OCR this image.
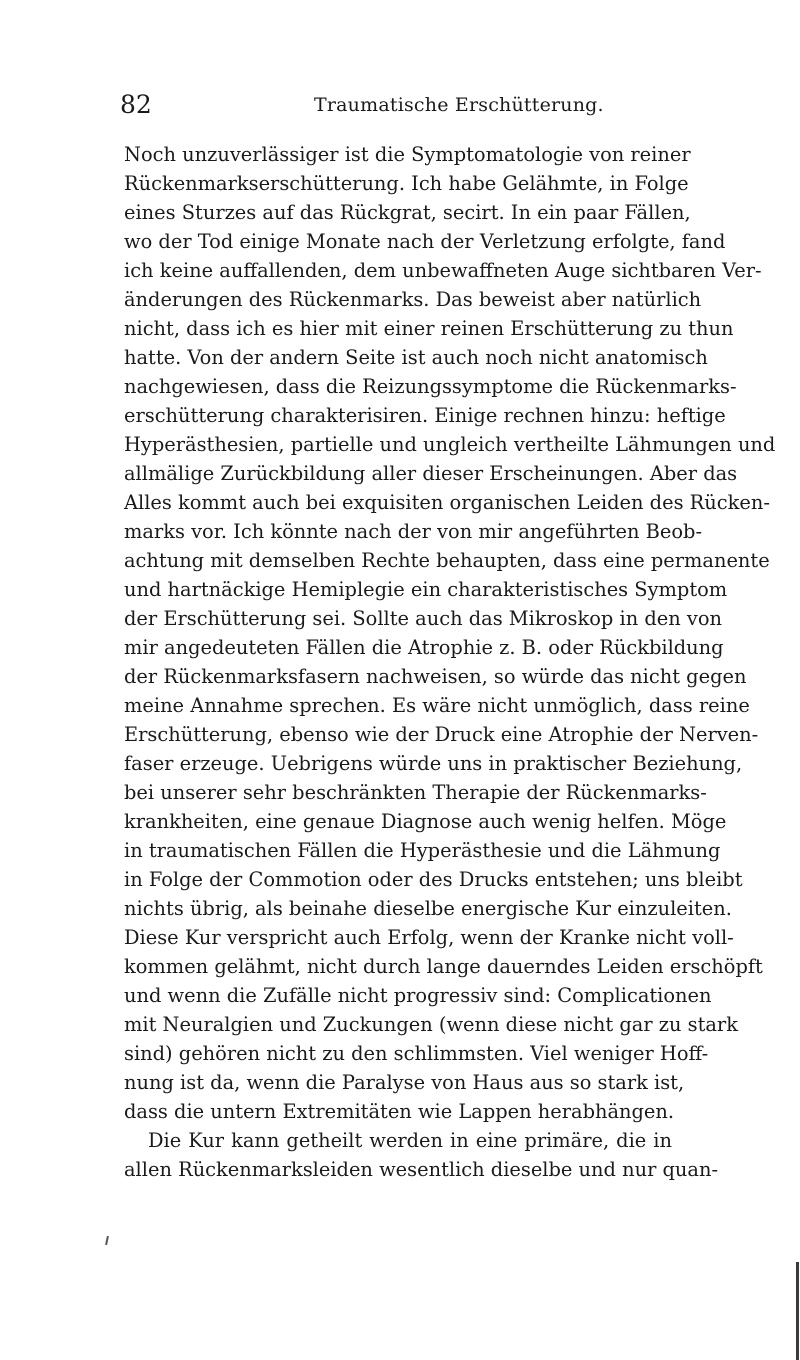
82	Traumatische Erschütterung.
Noch unzuverlässiger ist die Symptomatologie von reiner
Rückenmarkserschütterung. Ich habe Gelähmte, in Folge
eines Sturzes auf das Rückgrat, secirt. In ein paar Fällen,
wo der Tod einige Monate nach der Verletzung erfolgte, fand
ich keine auffallenden, dem unbewaffneten Auge sichtbaren Ver-
änderungen des Rückenmarks. Das beweist aber natürlich
nicht, dass ich es hier mit einer reinen Erschütterung zu thun
hatte. Von der andern Seite ist auch noch nicht anatomisch
nachgewiesen, dass die Reizungssymptome die Rückenmarks-
erschütterung charakterisiren. Einige rechnen hinzu: heftige
Hyperästhesien, partielle und ungleich vertheilte Lähmungen und
allmälige Zurückbildung aller dieser Erscheinungen. Aber das
Alles kommt auch bei exquisiten organischen Leiden des Rücken-
marks vor. Ich könnte nach der von mir angeführten Beob-
achtung mit demselben Rechte behaupten, dass eine permanente
und hartnäckige Hemiplegie ein charakteristisches Symptom
der Erschütterung sei. Sollte auch das Mikroskop in den von
mir angedeuteten Fällen die Atrophie z. B. oder Rückbildung
der Rückenmarksfasern nachweisen, so würde das nicht gegen
meine Annahme sprechen. Es wäre nicht unmöglich, dass reine
Erschütterung, ebenso wie der Druck eine Atrophie der Nerven-
faser erzeuge. Uebrigens würde uns in praktischer Beziehung,
bei unserer sehr beschränkten Therapie der Rückenmarks-
krankheiten, eine genaue Diagnose auch wenig helfen. Möge
in traumatischen Fällen die Hyperästhesie und die Lähmung
in Folge der Commotion oder des Drucks entstehen; uns bleibt
nichts übrig, als beinahe dieselbe energische Kur einzuleiten.
Diese Kur verspricht auch Erfolg, wenn der Kranke nicht voll-
kommen gelähmt, nicht durch lange dauerndes Leiden erschöpft
und wenn die Zufälle nicht progressiv sind: Complicationen
mit Neuralgien und Zuckungen (wenn diese nicht gar zu stark
sind) gehören nicht zu den schlimmsten. Viel weniger Hoff-
nung ist da, wenn die Paralyse von Haus aus so stark ist,
dass die untern Extremitäten wie Lappen herabhängen.
Die Kur kann getheilt werden in eine primäre, die in
allen Rückenmarksleiden wesentlich dieselbe und nur quan-
